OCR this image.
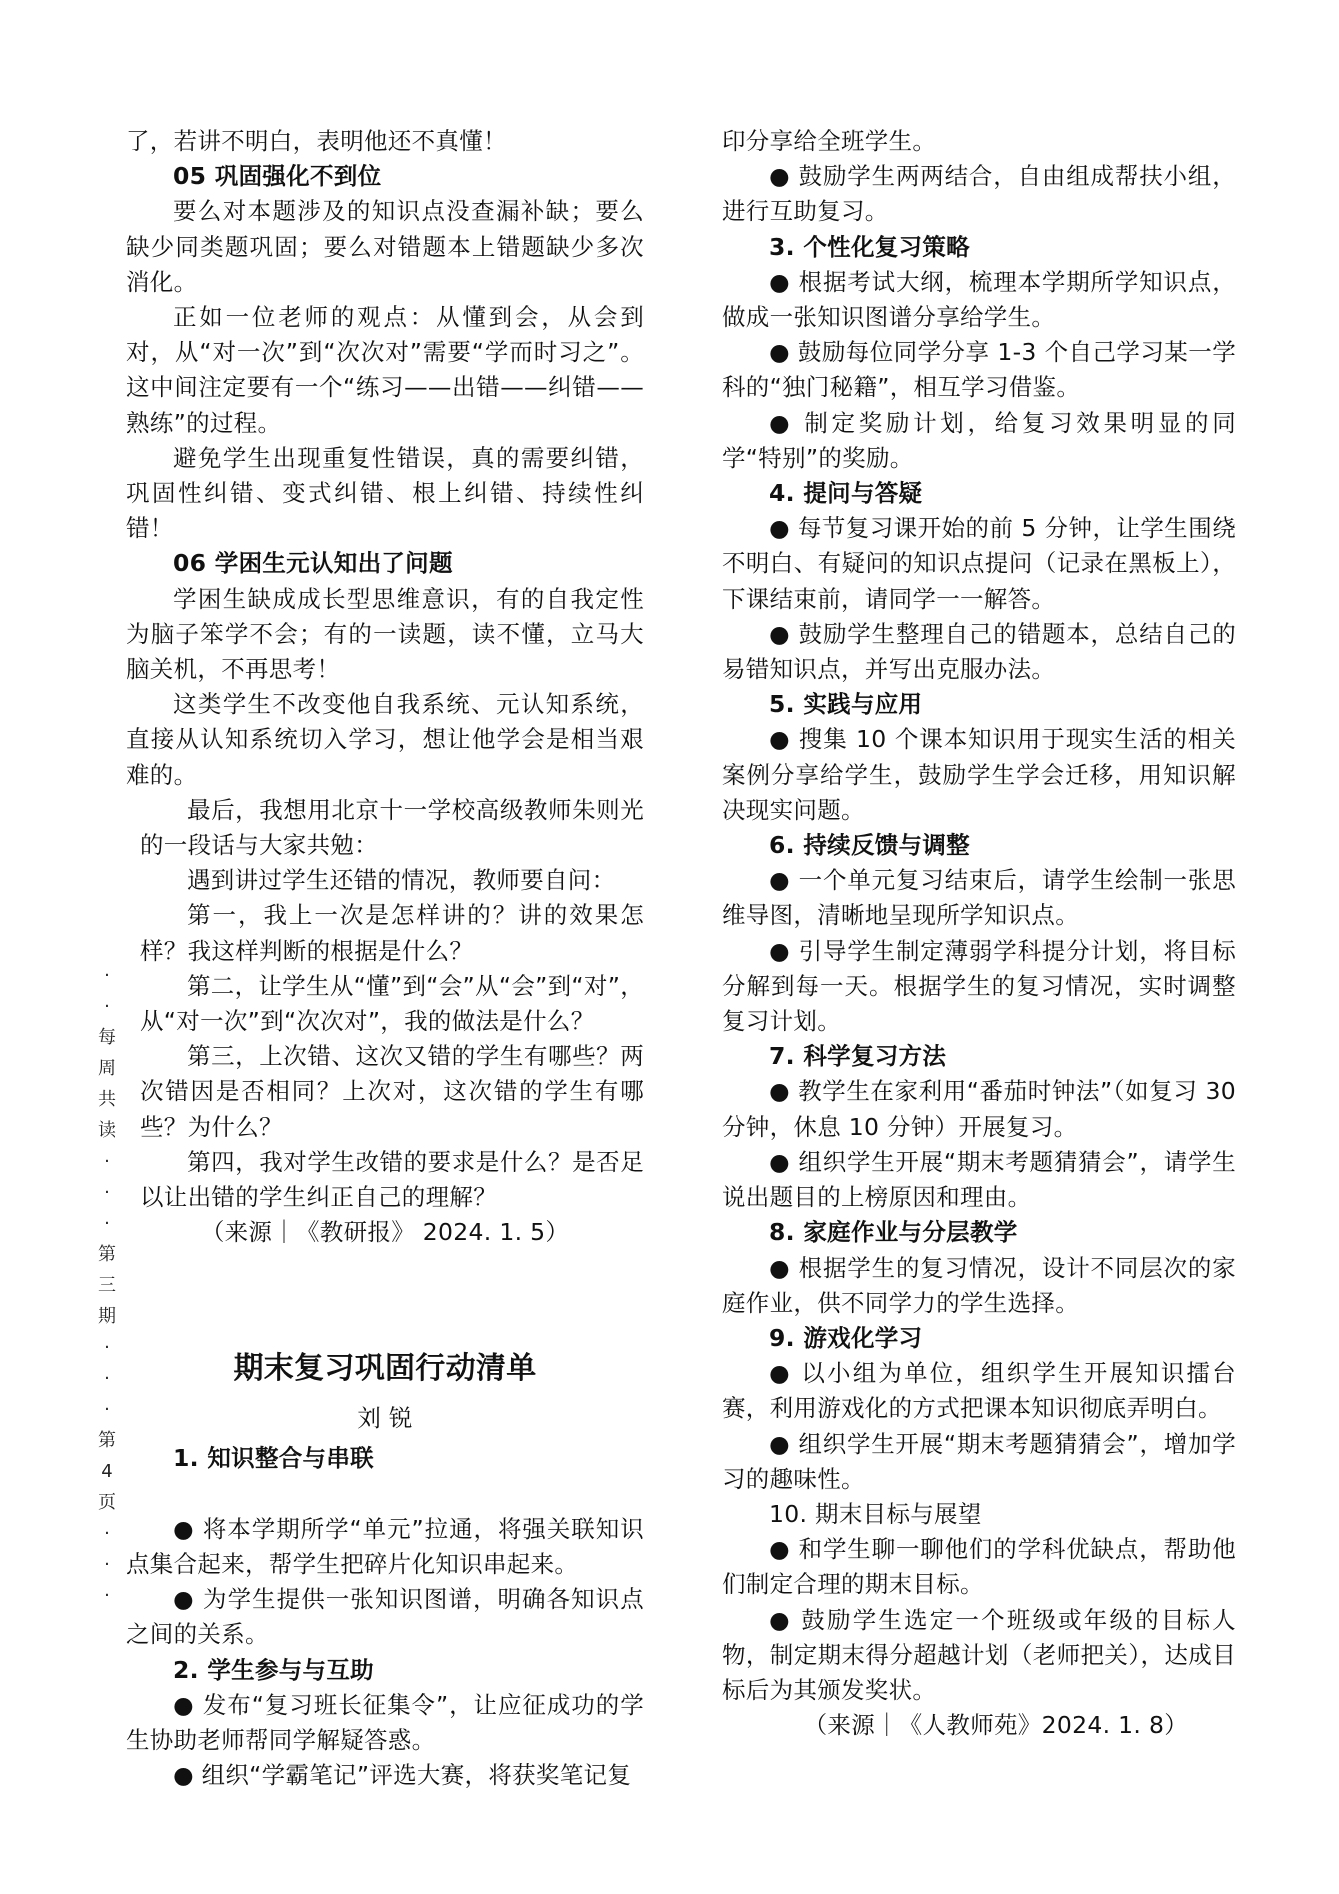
了，若讲不明白，表明他还不真懂！

05 巩固强化不到位

要么对本题涉及的知识点没查漏补缺；要么缺少同类题巩固；要么对错题本上错题缺少多次消化。

正如一位老师的观点：从懂到会，从会到对，从“对一次”到“次次对”需要“学而时习之”。这中间注定要有一个“练习——出错——纠错——熟练”的过程。

避免学生出现重复性错误，真的需要纠错，巩固性纠错、变式纠错、根上纠错、持续性纠错！

06 学困生元认知出了问题

学困生缺成成长型思维意识，有的自我定性为脑子笨学不会；有的一读题，读不懂，立马大脑关机，不再思考！

这类学生不改变他自我系统、元认知系统，直接从认知系统切入学习，想让他学会是相当艰难的。

最后，我想用北京十一学校高级教师朱则光的一段话与大家共勉：

遇到讲过学生还错的情况，教师要自问：

第一，我上一次是怎样讲的？讲的效果怎样？我这样判断的根据是什么？

第二，让学生从“懂”到“会”从“会”到“对”，从“对一次”到“次次对”，我的做法是什么？

第三，上次错、这次又错的学生有哪些？两次错因是否相同？上次对，这次错的学生有哪些？为什么？

第四，我对学生改错的要求是什么？是否足以让出错的学生纠正自己的理解？

（来源｜《教研报》 2024. 1. 5）

期末复习巩固行动清单

刘 锐

1. 知识整合与串联

● 将本学期所学“单元”拉通，将强关联知识点集合起来，帮学生把碎片化知识串起来。

● 为学生提供一张知识图谱，明确各知识点之间的关系。

2. 学生参与与互助

● 发布“复习班长征集令”，让应征成功的学生协助老师帮同学解疑答惑。

● 组织“学霸笔记”评选大赛，将获奖笔记复

印分享给全班学生。

● 鼓励学生两两结合，自由组成帮扶小组，进行互助复习。

3. 个性化复习策略

● 根据考试大纲，梳理本学期所学知识点，做成一张知识图谱分享给学生。

● 鼓励每位同学分享 1-3 个自己学习某一学科的“独门秘籍”，相互学习借鉴。

● 制定奖励计划，给复习效果明显的同学“特别”的奖励。

4. 提问与答疑

● 每节复习课开始的前 5 分钟，让学生围绕不明白、有疑问的知识点提问（记录在黑板上），下课结束前，请同学一一解答。

● 鼓励学生整理自己的错题本，总结自己的易错知识点，并写出克服办法。

5. 实践与应用

● 搜集 10 个课本知识用于现实生活的相关案例分享给学生，鼓励学生学会迁移，用知识解决现实问题。

6. 持续反馈与调整

● 一个单元复习结束后，请学生绘制一张思维导图，清晰地呈现所学知识点。

● 引导学生制定薄弱学科提分计划，将目标分解到每一天。根据学生的复习情况，实时调整复习计划。

7. 科学复习方法

● 教学生在家利用“番茄时钟法”（如复习 30 分钟，休息 10 分钟）开展复习。

● 组织学生开展“期末考题猜猜会”，请学生说出题目的上榜原因和理由。

8. 家庭作业与分层教学

● 根据学生的复习情况，设计不同层次的家庭作业，供不同学力的学生选择。

9. 游戏化学习

● 以小组为单位，组织学生开展知识擂台赛，利用游戏化的方式把课本知识彻底弄明白。

● 组织学生开展“期末考题猜猜会”，增加学习的趣味性。

10. 期末目标与展望

● 和学生聊一聊他们的学科优缺点，帮助他们制定合理的期末目标。

● 鼓励学生选定一个班级或年级的目标人物，制定期末得分超越计划（老师把关），达成目标后为其颁发奖状。

（来源｜《人教师苑》2024. 1. 8）

·
·
每
周
共
读
·
·
·
第
三
期
·
·
·
第
4
页
·
·
·
